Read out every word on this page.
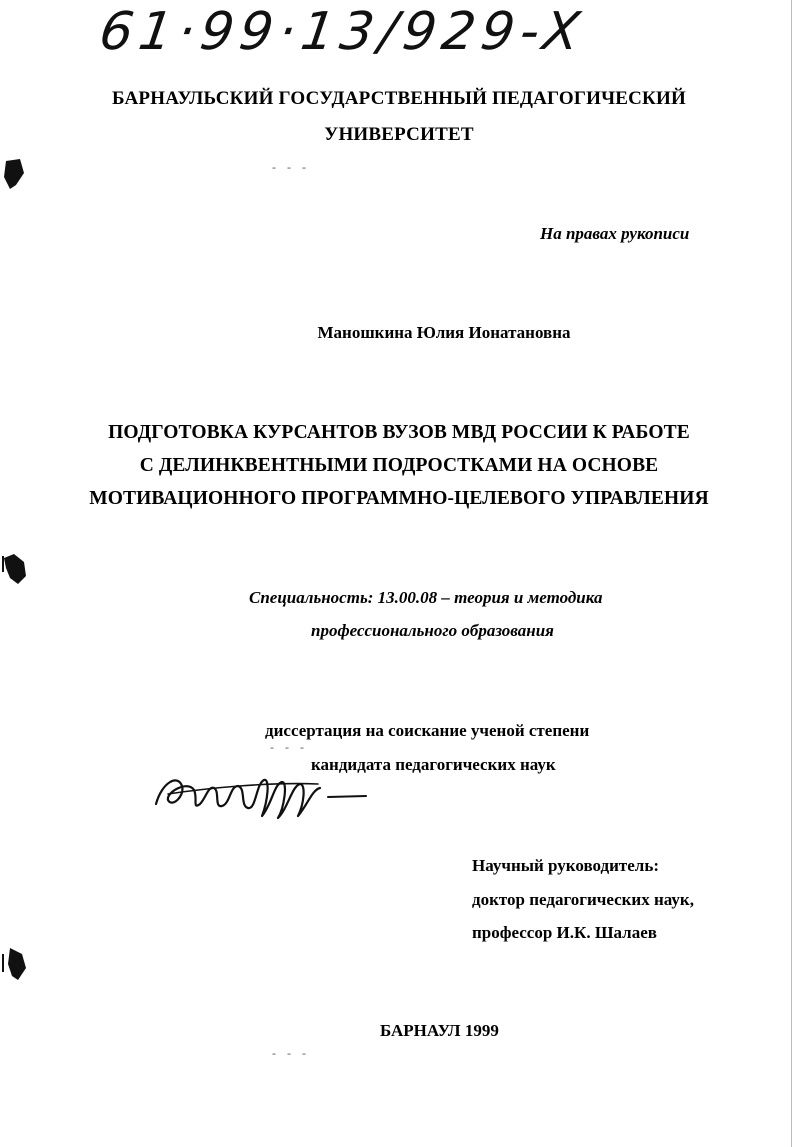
61·99·13/929-X
БАРНАУЛЬСКИЙ ГОСУДАРСТВЕННЫЙ ПЕДАГОГИЧЕСКИЙ
УНИВЕРСИТЕТ
На правах рукописи
Маношкина Юлия Ионатановна
ПОДГОТОВКА КУРСАНТОВ ВУЗОВ МВД РОССИИ К РАБОТЕ
С ДЕЛИНКВЕНТНЫМИ ПОДРОСТКАМИ НА ОСНОВЕ
МОТИВАЦИОННОГО ПРОГРАММНО-ЦЕЛЕВОГО УПРАВЛЕНИЯ
Специальность: 13.00.08 – теория и методика
профессионального образования
диссертация на соискание ученой степени
кандидата педагогических наук
Научный руководитель:
доктор педагогических наук,
профессор И.К. Шалаев
БАРНАУЛ 1999
- - -
- - -
- - -
